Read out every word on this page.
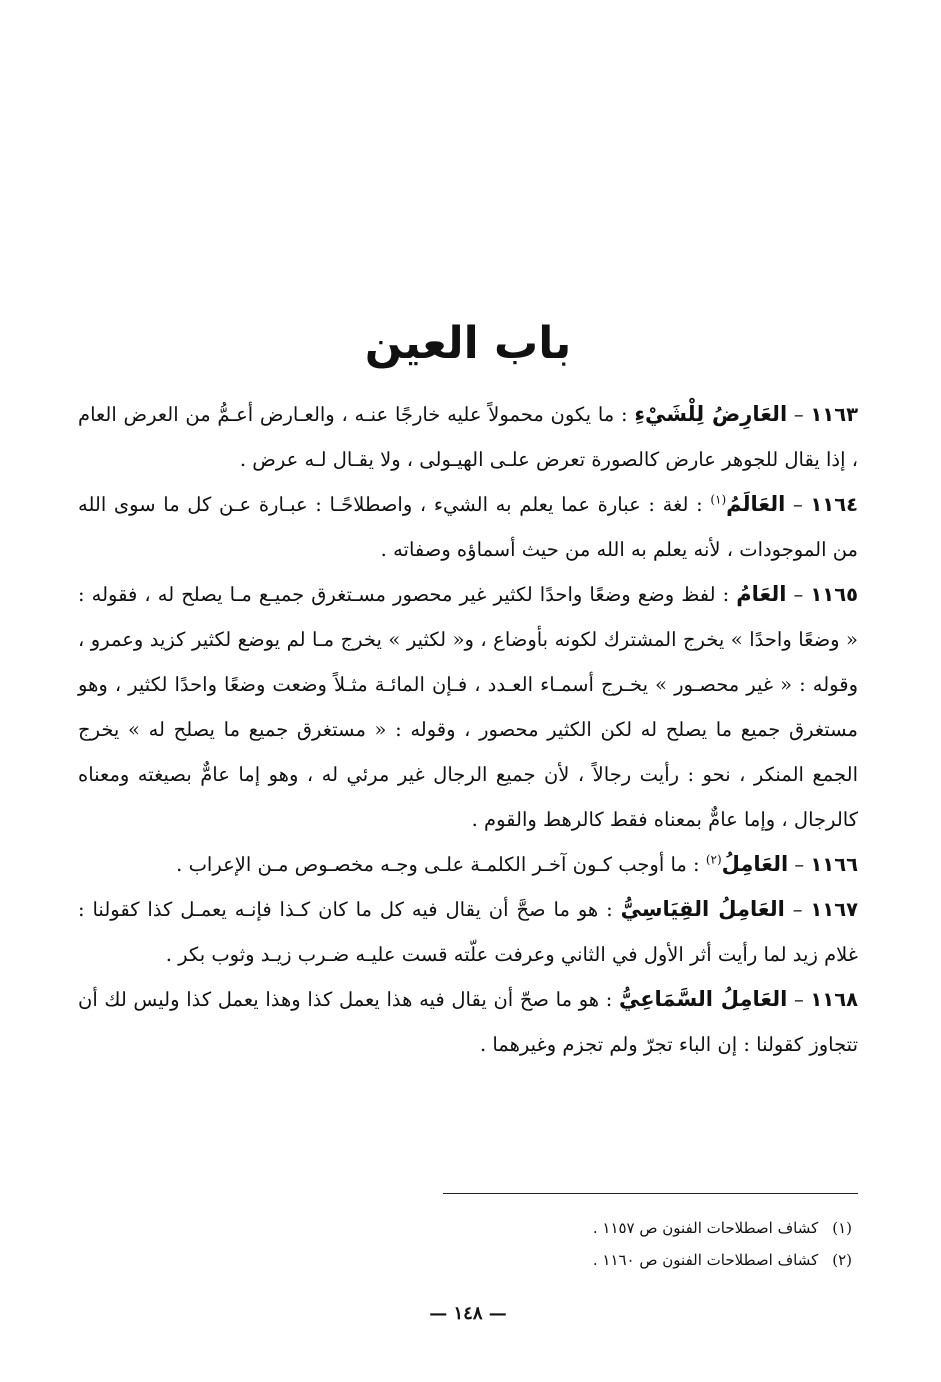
باب العين

١١٦٣ – العَارِضُ لِلْشَيْءِ : ما يكون محمولاً عليه خارجًا عنـه ، والعـارض أعـمُّ من العرض العام ، إذا يقال للجوهر عارض كالصورة تعرض علـى الهيـولى ، ولا يقـال لـه عرض .

١١٦٤ – العَالَمُ$^{(١)}$ : لغة : عبارة عما يعلم به الشيء ، واصطلاحًـا : عبـارة عـن كل ما سوى الله من الموجودات ، لأنه يعلم به الله من حيث أسماؤه وصفاته .

١١٦٥ – العَامُ : لفظ وضع وضعًا واحدًا لكثير غير محصور مسـتغرق جميـع مـا يصلح له ، فقوله : « وضعًا واحدًا » يخرج المشترك لكونه بأوضاع ، و« لكثير » يخرج مـا لم يوضع لكثير كزيد وعمرو ، وقوله : « غير محصـور » يخـرج أسمـاء العـدد ، فـإن المائـة مثـلاً وضعت وضعًا واحدًا لكثير ، وهو مستغرق جميع ما يصلح له لكن الكثير محصور ، وقوله : « مستغرق جميع ما يصلح له » يخرج الجمع المنكر ، نحو : رأيت رجالاً ، لأن جميع الرجال غير مرئي له ، وهو إما عامٌّ بصيغته ومعناه كالرجال ، وإما عامٌّ بمعناه فقط كالرهط والقوم .

١١٦٦ – العَامِلُ$^{(٢)}$ : ما أوجب كـون آخـر الكلمـة علـى وجـه مخصـوص مـن الإعراب .

١١٦٧ – العَامِلُ القِيَاسِيُّ : هو ما صحَّ أن يقال فيه كل ما كان كـذا فإنـه يعمـل كذا كقولنا : غلام زيد لما رأيت أثر الأول في الثاني وعرفت علّته قست عليـه ضـرب زيـد وثوب بكر .

١١٦٨ – العَامِلُ السَّمَاعِيُّ : هو ما صحّ أن يقال فيه هذا يعمل كذا وهذا يعمل كذا وليس لك أن تتجاوز كقولنا : إن الباء تجرّ ولم تجزم وغيرهما .

(١)كشاف اصطلاحات الفنون ص ١١٥٧ .

(٢)كشاف اصطلاحات الفنون ص ١١٦٠ .

— ١٤٨ —
